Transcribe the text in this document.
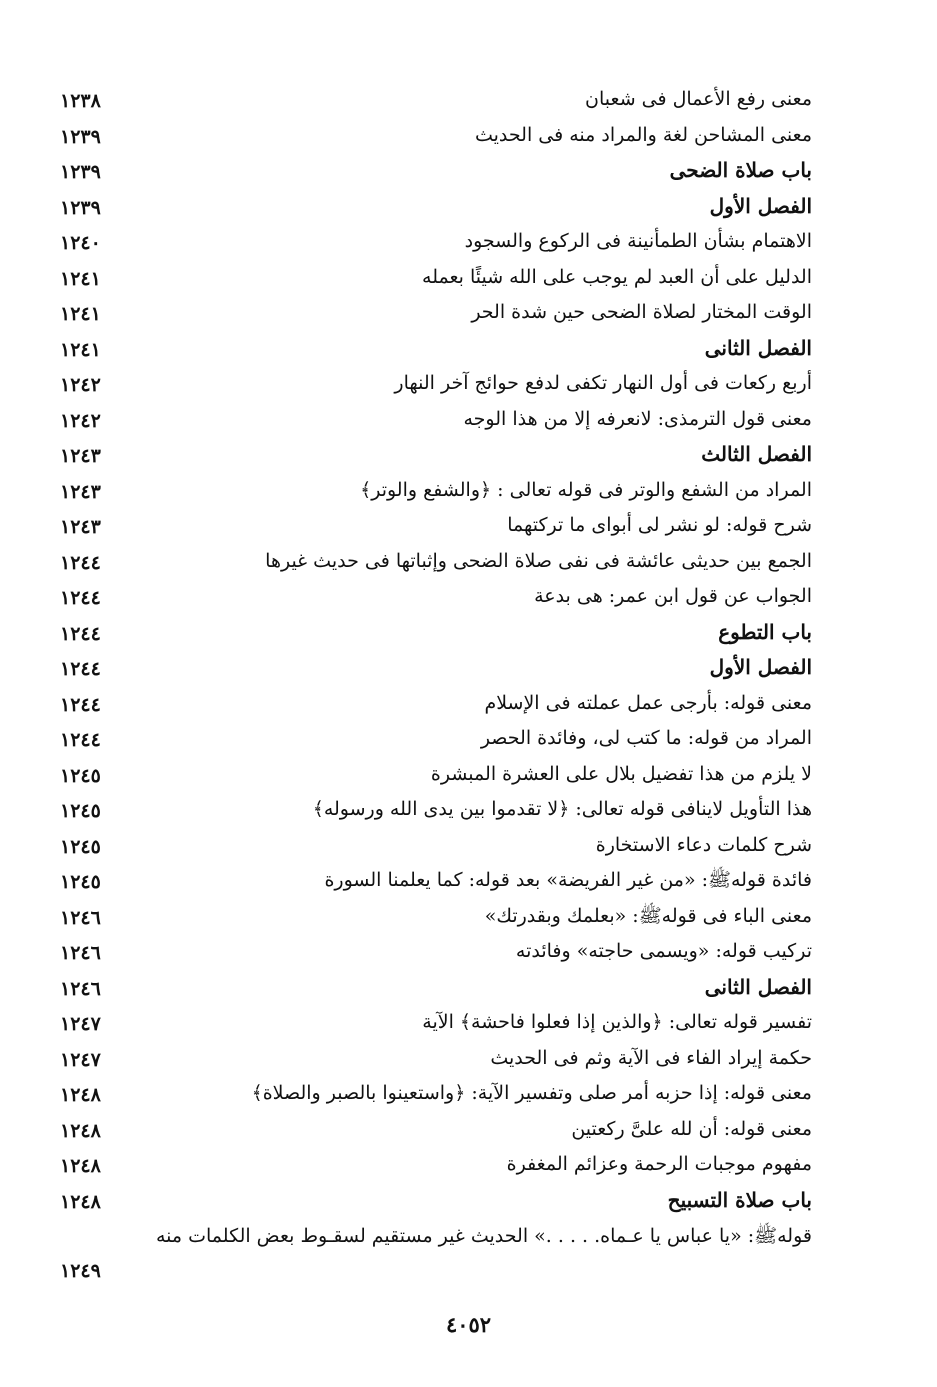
معنى رفع الأعمال فى شعبان
١٢٣٨
معنى المشاحن لغة والمراد منه فى الحديث
١٢٣٩
باب صلاة الضحى
١٢٣٩
الفصل الأول
١٢٣٩
الاهتمام بشأن الطمأنينة فى الركوع والسجود
١٢٤٠
الدليل على أن العبد لم يوجب على الله شيئًا بعمله
١٢٤١
الوقت المختار لصلاة الضحى حين شدة الحر
١٢٤١
الفصل الثانى
١٢٤١
أربع ركعات فى أول النهار تكفى لدفع حوائج آخر النهار
١٢٤٢
معنى قول الترمذى: لانعرفه إلا من هذا الوجه
١٢٤٢
الفصل الثالث
١٢٤٣
المراد من الشفع والوتر فى قوله تعالى : ﴿والشفع والوتر﴾
١٢٤٣
شرح قوله: لو نشر لى أبواى ما تركتهما
١٢٤٣
الجمع بين حديثى عائشة فى نفى صلاة الضحى وإثباتها فى حديث غيرها
١٢٤٤
الجواب عن قول ابن عمر: هى بدعة
١٢٤٤
باب التطوع
١٢٤٤
الفصل الأول
١٢٤٤
معنى قوله: بأرجى عمل عملته فى الإسلام
١٢٤٤
المراد من قوله: ما كتب لى، وفائدة الحصر
١٢٤٤
لا يلزم من هذا تفضيل بلال على العشرة المبشرة
١٢٤٥
هذا التأويل لاينافى قوله تعالى: ﴿لا تقدموا بين يدى الله ورسوله﴾
١٢٤٥
شرح كلمات دعاء الاستخارة
١٢٤٥
فائدة قولهﷺ: «من غير الفريضة» بعد قوله: كما يعلمنا السورة
١٢٤٥
معنى الباء فى قولهﷺ: «بعلمك وبقدرتك»
١٢٤٦
تركيب قوله: «ويسمى حاجته» وفائدته
١٢٤٦
الفصل الثانى
١٢٤٦
تفسير قوله تعالى: ﴿والذين إذا فعلوا فاحشة﴾ الآية
١٢٤٧
حكمة إيراد الفاء فى الآية وثم فى الحديث
١٢٤٧
معنى قوله: إذا حزبه أمر صلى وتفسير الآية: ﴿واستعينوا بالصبر والصلاة﴾
١٢٤٨
معنى قوله: أن لله علىَّ ركعتين
١٢٤٨
مفهوم موجبات الرحمة وعزائم المغفرة
١٢٤٨
باب صلاة التسبيح
١٢٤٨
قولهﷺ: «يا عباس يا عـماه. . . . .» الحديث غير مستقيم لسقـوط بعض الكلمات منه
١٢٤٩
٤٠٥٢
